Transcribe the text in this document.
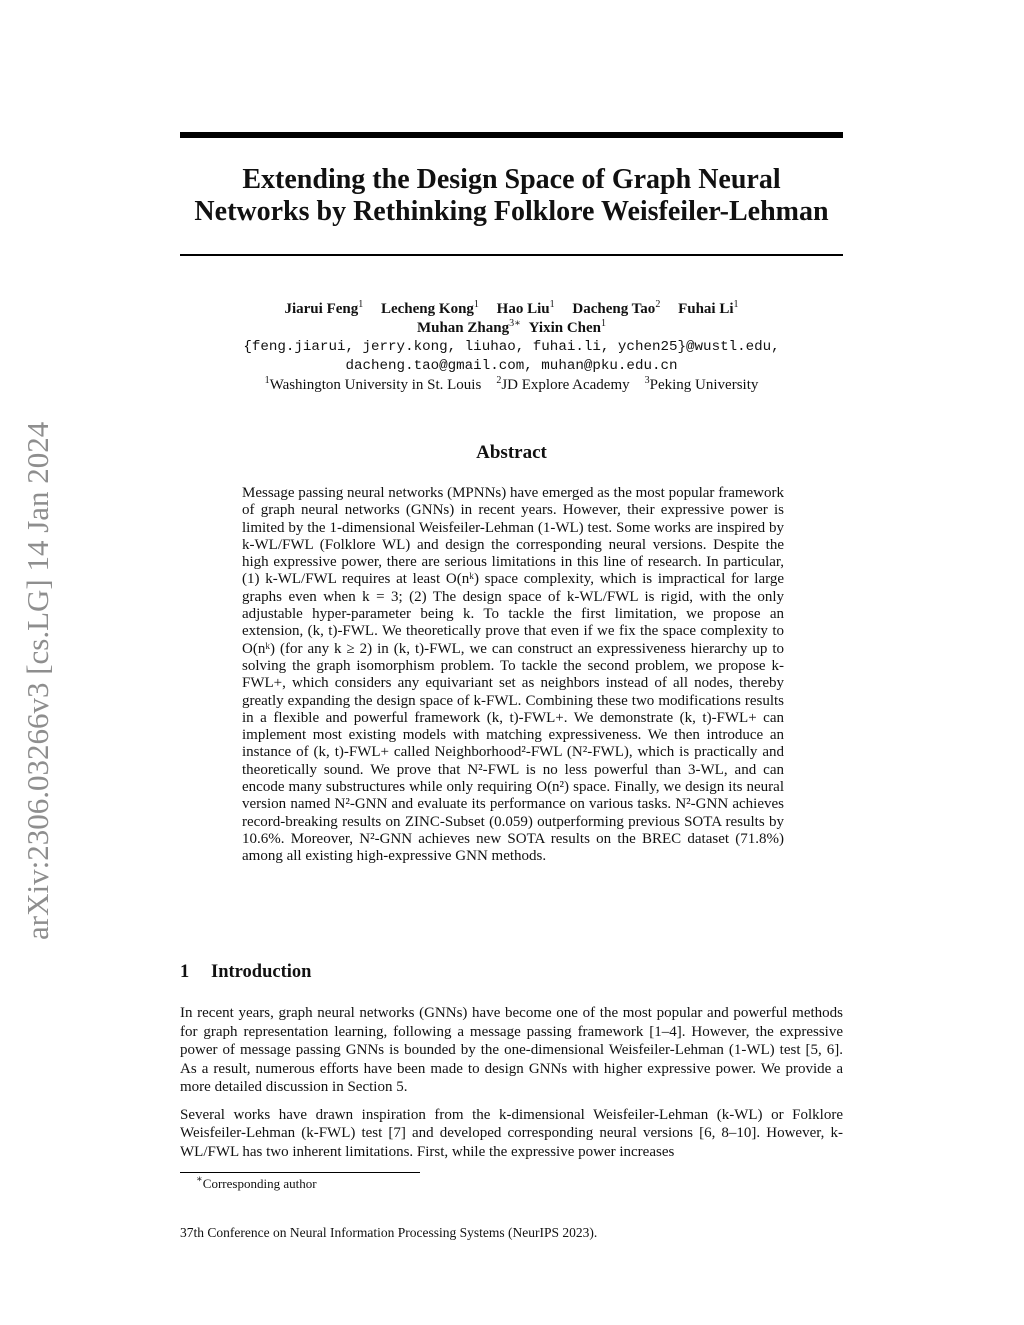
arXiv:2306.03266v3 [cs.LG] 14 Jan 2024
Extending the Design Space of Graph Neural
Networks by Rethinking Folklore Weisfeiler-Lehman
Jiarui Feng$^1$ Lecheng Kong$^1$ Hao Liu$^1$ Dacheng Tao$^2$ Fuhai Li$^1$
Muhan Zhang$^{3∗}$ Yixin Chen$^1$
{feng.jiarui, jerry.kong, liuhao, fuhai.li, ychen25}@wustl.edu,
dacheng.tao@gmail.com, muhan@pku.edu.cn
$^1$Washington University in St. Louis $^2$JD Explore Academy $^3$Peking University
Abstract

Message passing neural networks (MPNNs) have emerged as the most popular framework of graph neural networks (GNNs) in recent years. However, their expressive power is limited by the 1-dimensional Weisfeiler-Lehman (1-WL) test. Some works are inspired by k-WL/FWL (Folklore WL) and design the corresponding neural versions. Despite the high expressive power, there are serious limitations in this line of research. In particular, (1) k-WL/FWL requires at least O(nᵏ) space complexity, which is impractical for large graphs even when k = 3; (2) The design space of k-WL/FWL is rigid, with the only adjustable hyper-parameter being k. To tackle the first limitation, we propose an extension, (k, t)-FWL. We theoretically prove that even if we fix the space complexity to O(nᵏ) (for any k ≥ 2) in (k, t)-FWL, we can construct an expressiveness hierarchy up to solving the graph isomorphism problem. To tackle the second problem, we propose k-FWL+, which considers any equivariant set as neighbors instead of all nodes, thereby greatly expanding the design space of k-FWL. Combining these two modifications results in a flexible and powerful framework (k, t)-FWL+. We demonstrate (k, t)-FWL+ can implement most existing models with matching expressiveness. We then introduce an instance of (k, t)-FWL+ called Neighborhood²-FWL (N²-FWL), which is practically and theoretically sound. We prove that N²-FWL is no less powerful than 3-WL, and can encode many substructures while only requiring O(n²) space. Finally, we design its neural version named N²-GNN and evaluate its performance on various tasks. N²-GNN achieves record-breaking results on ZINC-Subset (0.059) outperforming previous SOTA results by 10.6%. Moreover, N²-GNN achieves new SOTA results on the BREC dataset (71.8%) among all existing high-expressive GNN methods.

1 Introduction

In recent years, graph neural networks (GNNs) have become one of the most popular and powerful methods for graph representation learning, following a message passing framework [1–4]. However, the expressive power of message passing GNNs is bounded by the one-dimensional Weisfeiler-Lehman (1-WL) test [5, 6]. As a result, numerous efforts have been made to design GNNs with higher expressive power. We provide a more detailed discussion in Section 5.

Several works have drawn inspiration from the k-dimensional Weisfeiler-Lehman (k-WL) or Folklore Weisfeiler-Lehman (k-FWL) test [7] and developed corresponding neural versions [6, 8–10]. However, k-WL/FWL has two inherent limitations. First, while the expressive power increases

∗Corresponding author
37th Conference on Neural Information Processing Systems (NeurIPS 2023).
